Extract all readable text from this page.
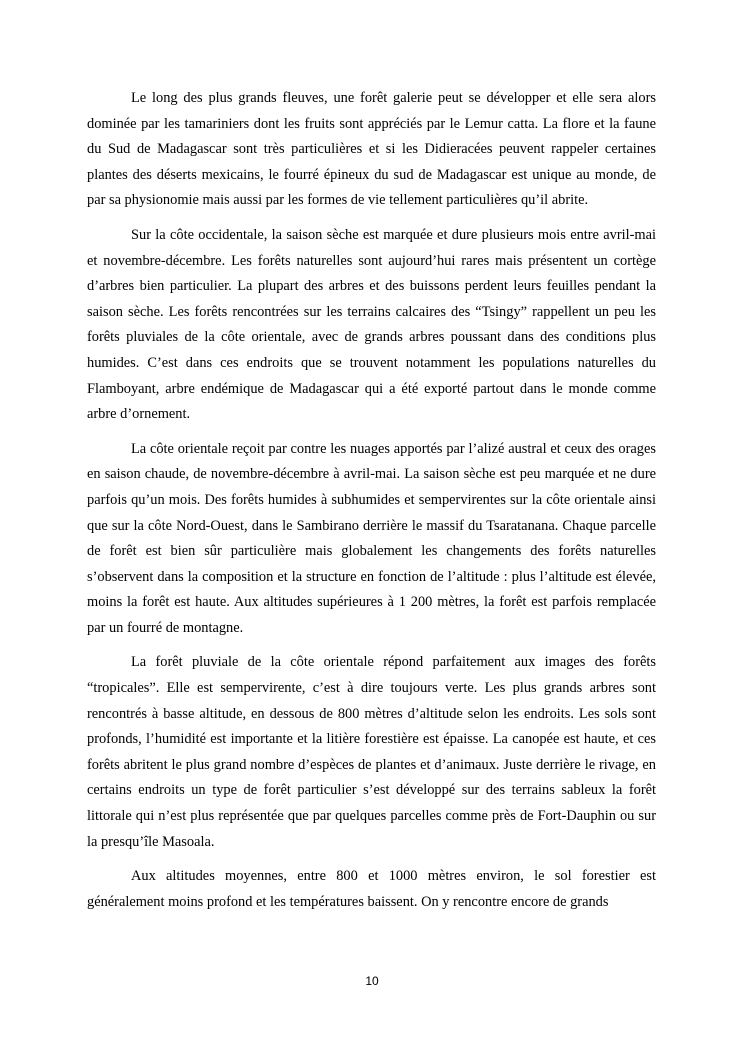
Le long des plus grands fleuves, une forêt galerie peut se développer et elle sera alors dominée par les tamariniers dont les fruits sont appréciés par le Lemur catta. La flore et la faune du Sud de Madagascar sont très particulières et si les Didieracées peuvent rappeler certaines plantes des déserts mexicains, le fourré épineux du sud de Madagascar est unique au monde, de par sa physionomie mais aussi par les formes de vie tellement particulières qu’il abrite.

Sur la côte occidentale, la saison sèche est marquée et dure plusieurs mois entre avril-mai et novembre-décembre. Les forêts naturelles sont aujourd’hui rares mais présentent un cortège d’arbres bien particulier. La plupart des arbres et des buissons perdent leurs feuilles pendant la saison sèche. Les forêts rencontrées sur les terrains calcaires des “Tsingy” rappellent un peu les forêts pluviales de la côte orientale, avec de grands arbres poussant dans des conditions plus humides. C’est dans ces endroits que se trouvent notamment les populations naturelles du Flamboyant, arbre endémique de Madagascar qui a été exporté partout dans le monde comme arbre d’ornement.

La côte orientale reçoit par contre les nuages apportés par l’alizé austral et ceux des orages en saison chaude, de novembre-décembre à avril-mai. La saison sèche est peu marquée et ne dure parfois qu’un mois. Des forêts humides à subhumides et sempervirentes sur la côte orientale ainsi que sur la côte Nord-Ouest, dans le Sambirano derrière le massif du Tsaratanana. Chaque parcelle de forêt est bien sûr particulière mais globalement les changements des forêts naturelles s’observent dans la composition et la structure en fonction de l’altitude : plus l’altitude est élevée, moins la forêt est haute. Aux altitudes supérieures à 1 200 mètres, la forêt est parfois remplacée par un fourré de montagne.

La forêt pluviale de la côte orientale répond parfaitement aux images des forêts “tropicales”. Elle est sempervirente, c’est à dire toujours verte. Les plus grands arbres sont rencontrés à basse altitude, en dessous de 800 mètres d’altitude selon les endroits. Les sols sont profonds, l’humidité est importante et la litière forestière est épaisse. La canopée est haute, et ces forêts abritent le plus grand nombre d’espèces de plantes et d’animaux. Juste derrière le rivage, en certains endroits un type de forêt particulier s’est développé sur des terrains sableux la forêt littorale qui n’est plus représentée que par quelques parcelles comme près de Fort-Dauphin ou sur la presqu’île Masoala.

Aux altitudes moyennes, entre 800 et 1000 mètres environ, le sol forestier est généralement moins profond et les températures baissent. On y rencontre encore de grands

10
